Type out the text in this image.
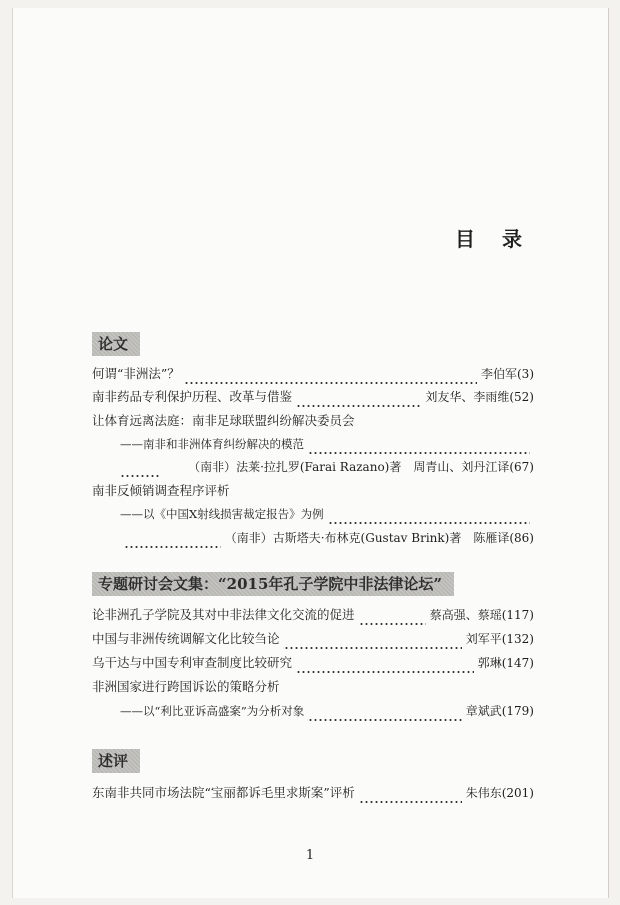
目 录
论文
何谓“非洲法”？	李伯军 (3)
南非药品专利保护历程、改革与借鉴	刘友华、李雨维 (52)
让体育远离法庭：南非足球联盟纠纷解决委员会
——南非和非洲体育纠纷解决的模范
（南非）法莱·拉扎罗(Farai Razano)著　周青山、刘丹江译 (67)
南非反倾销调查程序评析
——以《中国X射线损害裁定报告》为例
（南非）古斯塔夫·布林克(Gustav Brink)著　陈雁译 (86)
专题研讨会文集：“2015年孔子学院中非法律论坛”
论非洲孔子学院及其对中非法律文化交流的促进	蔡高强、蔡瑶 (117)
中国与非洲传统调解文化比较刍论	刘军平 (132)
乌干达与中国专利审查制度比较研究	郭琳 (147)
非洲国家进行跨国诉讼的策略分析
——以“利比亚诉高盛案”为分析对象	章斌武 (179)
述评
东南非共同市场法院“宝丽都诉毛里求斯案”评析	朱伟东 (201)
1
